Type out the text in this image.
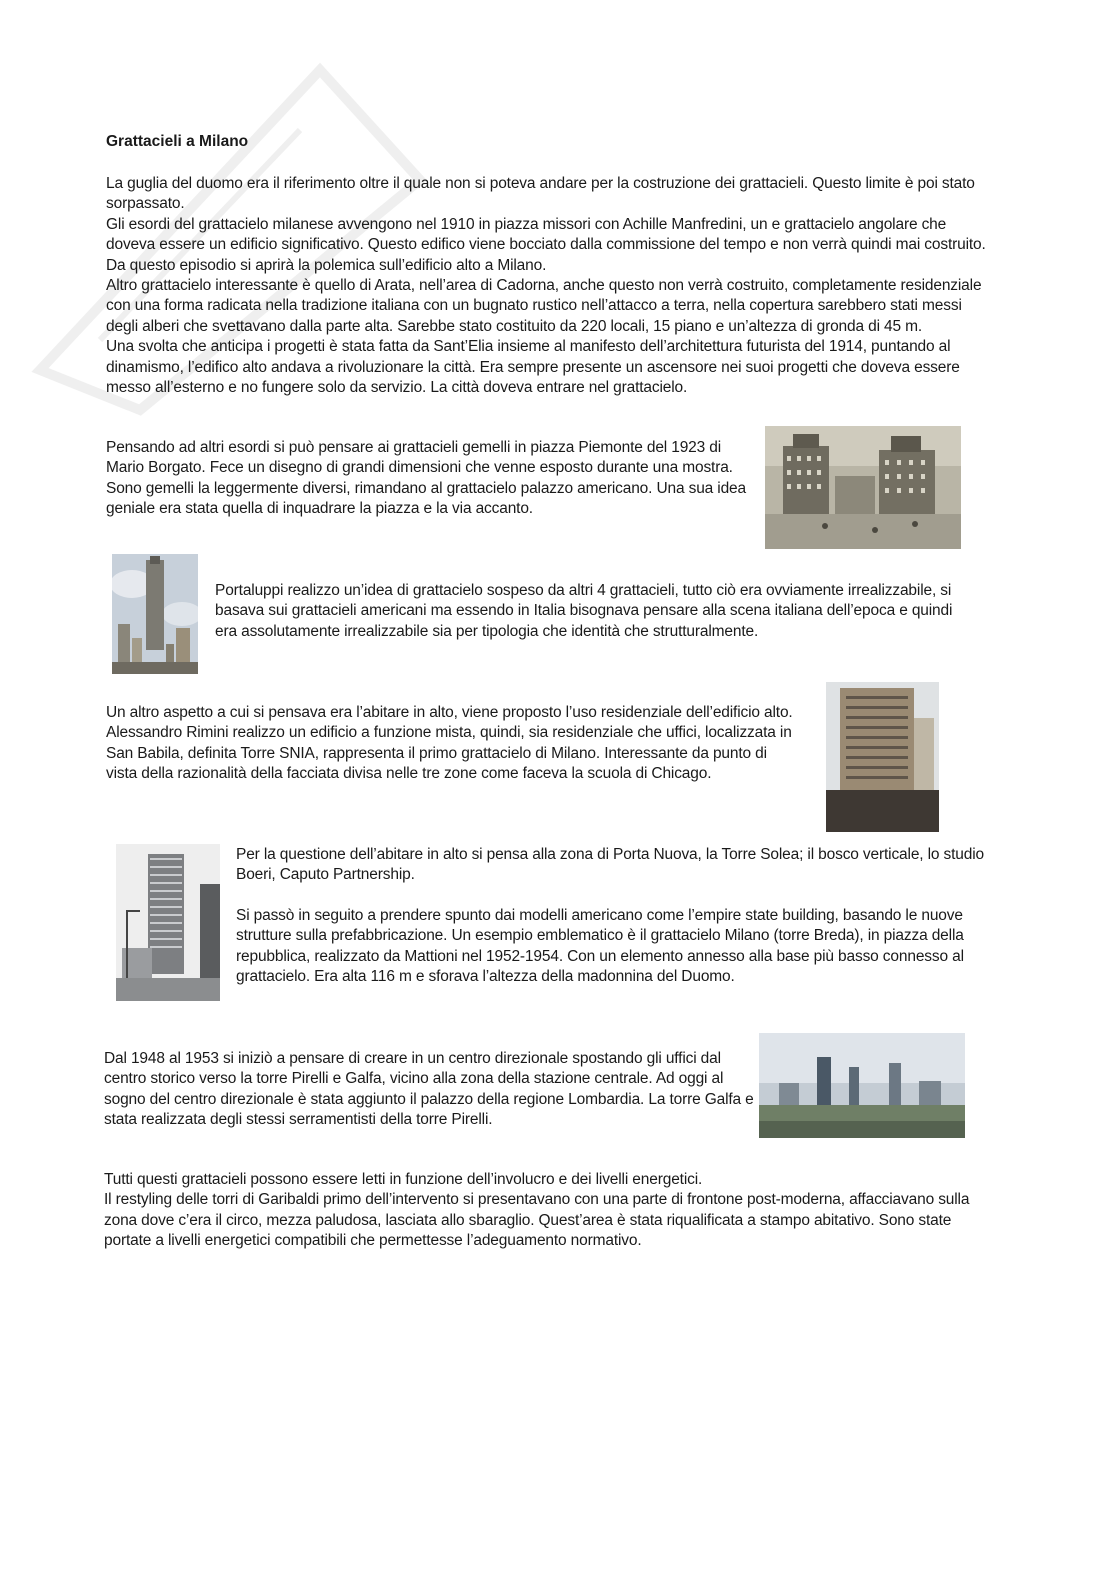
Grattacieli a Milano

La guglia del duomo era il riferimento oltre il quale non si poteva andare per la costruzione dei grattacieli. Questo limite è poi stato sorpassato.
Gli esordi del grattacielo milanese avvengono nel 1910 in piazza missori con Achille Manfredini, un e grattacielo angolare che doveva essere un edificio significativo. Questo edifico viene bocciato dalla commissione del tempo e non verrà quindi mai costruito. Da questo episodio si aprirà la polemica sull’edificio alto a Milano.
Altro grattacielo interessante è quello di Arata, nell’area di Cadorna, anche questo non verrà costruito, completamente residenziale con una forma radicata nella tradizione italiana con un bugnato rustico nell’attacco a terra, nella copertura sarebbero stati messi degli alberi che svettavano dalla parte alta. Sarebbe stato costituito da 220 locali, 15 piano e un’altezza di gronda di 45 m.
Una svolta che anticipa i progetti è stata fatta da Sant’Elia insieme al manifesto dell’architettura futurista del 1914, puntando al dinamismo, l’edifico alto andava a rivoluzionare la città. Era sempre presente un ascensore nei suoi progetti che doveva essere messo all’esterno e no fungere solo da servizio. La città doveva entrare nel grattacielo.

Pensando ad altri esordi si può pensare ai grattacieli gemelli in piazza Piemonte del 1923 di Mario Borgato. Fece un disegno di grandi dimensioni che venne esposto durante una mostra. Sono gemelli la leggermente diversi, rimandano al grattacielo palazzo americano. Una sua idea geniale era stata quella di inquadrare la piazza e la via accanto.

Portaluppi realizzo un’idea di grattacielo sospeso da altri 4 grattacieli, tutto ciò era ovviamente irrealizzabile, si basava sui grattacieli americani ma essendo in Italia bisognava pensare alla scena italiana dell’epoca e quindi era assolutamente irrealizzabile sia per tipologia che identità che strutturalmente.

Un altro aspetto a cui si pensava era l’abitare in alto, viene proposto l’uso residenziale dell’edificio alto.
Alessandro Rimini realizzo un edificio a funzione mista, quindi, sia residenziale che uffici, localizzata in San Babila, definita Torre SNIA, rappresenta il primo grattacielo di Milano. Interessante da punto di vista della razionalità della facciata divisa nelle tre zone come faceva la scuola di Chicago.

Per la questione dell’abitare in alto si pensa alla zona di Porta Nuova, la Torre Solea; il bosco verticale, lo studio Boeri, Caputo Partnership.

Si passò in seguito a prendere spunto dai modelli americano come l’empire state building, basando le nuove strutture sulla prefabbricazione. Un esempio emblematico è il grattacielo Milano (torre Breda), in piazza della repubblica, realizzato da Mattioni nel 1952-1954. Con un elemento annesso alla base più basso connesso al grattacielo. Era alta 116 m e sforava l’altezza della madonnina del Duomo.

Dal 1948 al 1953 si iniziò a pensare di creare in un centro direzionale spostando gli uffici dal centro storico verso la torre Pirelli e Galfa, vicino alla zona della stazione centrale. Ad oggi al sogno del centro direzionale è stata aggiunto il palazzo della regione Lombardia. La torre Galfa e stata realizzata degli stessi serramentisti della torre Pirelli.

Tutti questi grattacieli possono essere letti in funzione dell’involucro e dei livelli energetici.
Il restyling delle torri di Garibaldi primo dell’intervento si presentavano con una parte di frontone post-moderna, affacciavano sulla zona dove c’era il circo, mezza paludosa, lasciata allo sbaraglio. Quest’area è stata riqualificata a stampo abitativo. Sono state portate a livelli energetici compatibili che permettesse l’adeguamento normativo.
